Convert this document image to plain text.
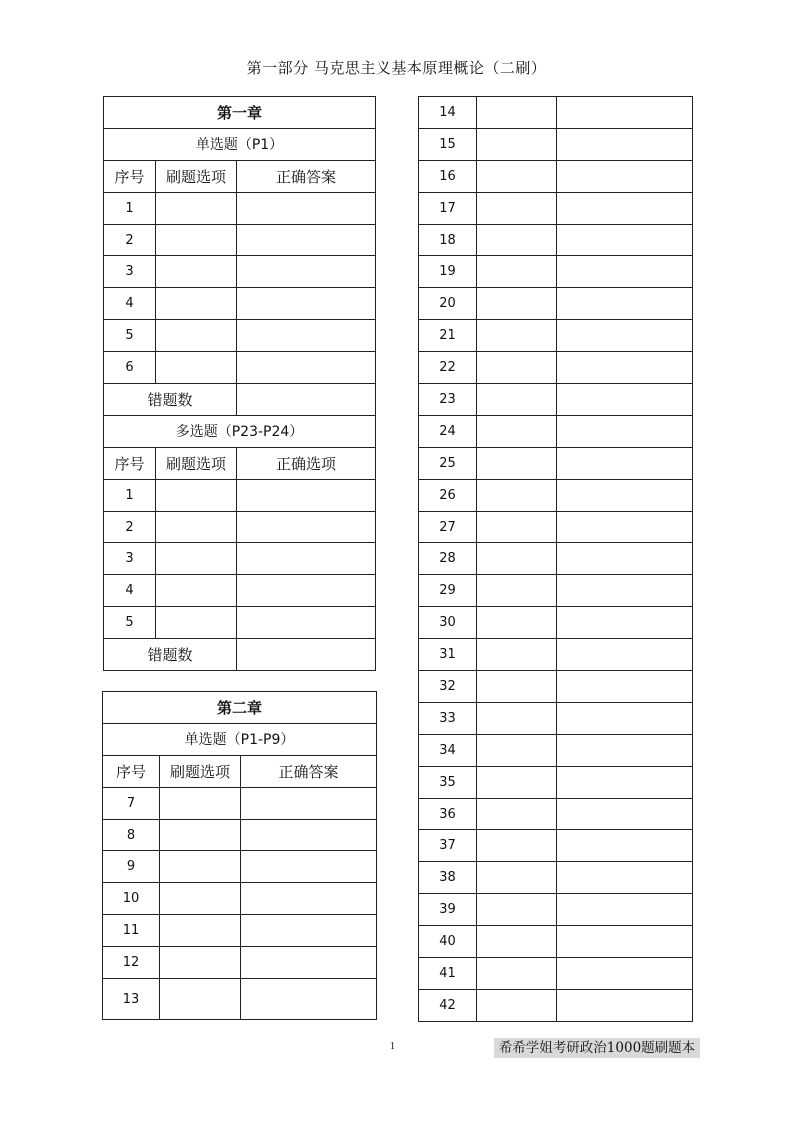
第一部分 马克思主义基本原理概论（二刷）
第一章		
单选题（P1）		
序号	刷题选项	正确答案
1		
2		
3		
4		
5		
6		
错题数		
多选题（P23-P24）		
序号	刷题选项	正确选项
1		
2		
3		
4		
5		
错题数		
第二章		
单选题（P1-P9）		
序号	刷题选项	正确答案
7		
8		
9		
10		
11		
12		
13		
14		
15		
16		
17		
18		
19		
20		
21		
22		
23		
24		
25		
26		
27		
28		
29		
30		
31		
32		
33		
34		
35		
36		
37		
38		
39		
40		
41		
42		
1	希希学姐考研政治1000题刷题本
